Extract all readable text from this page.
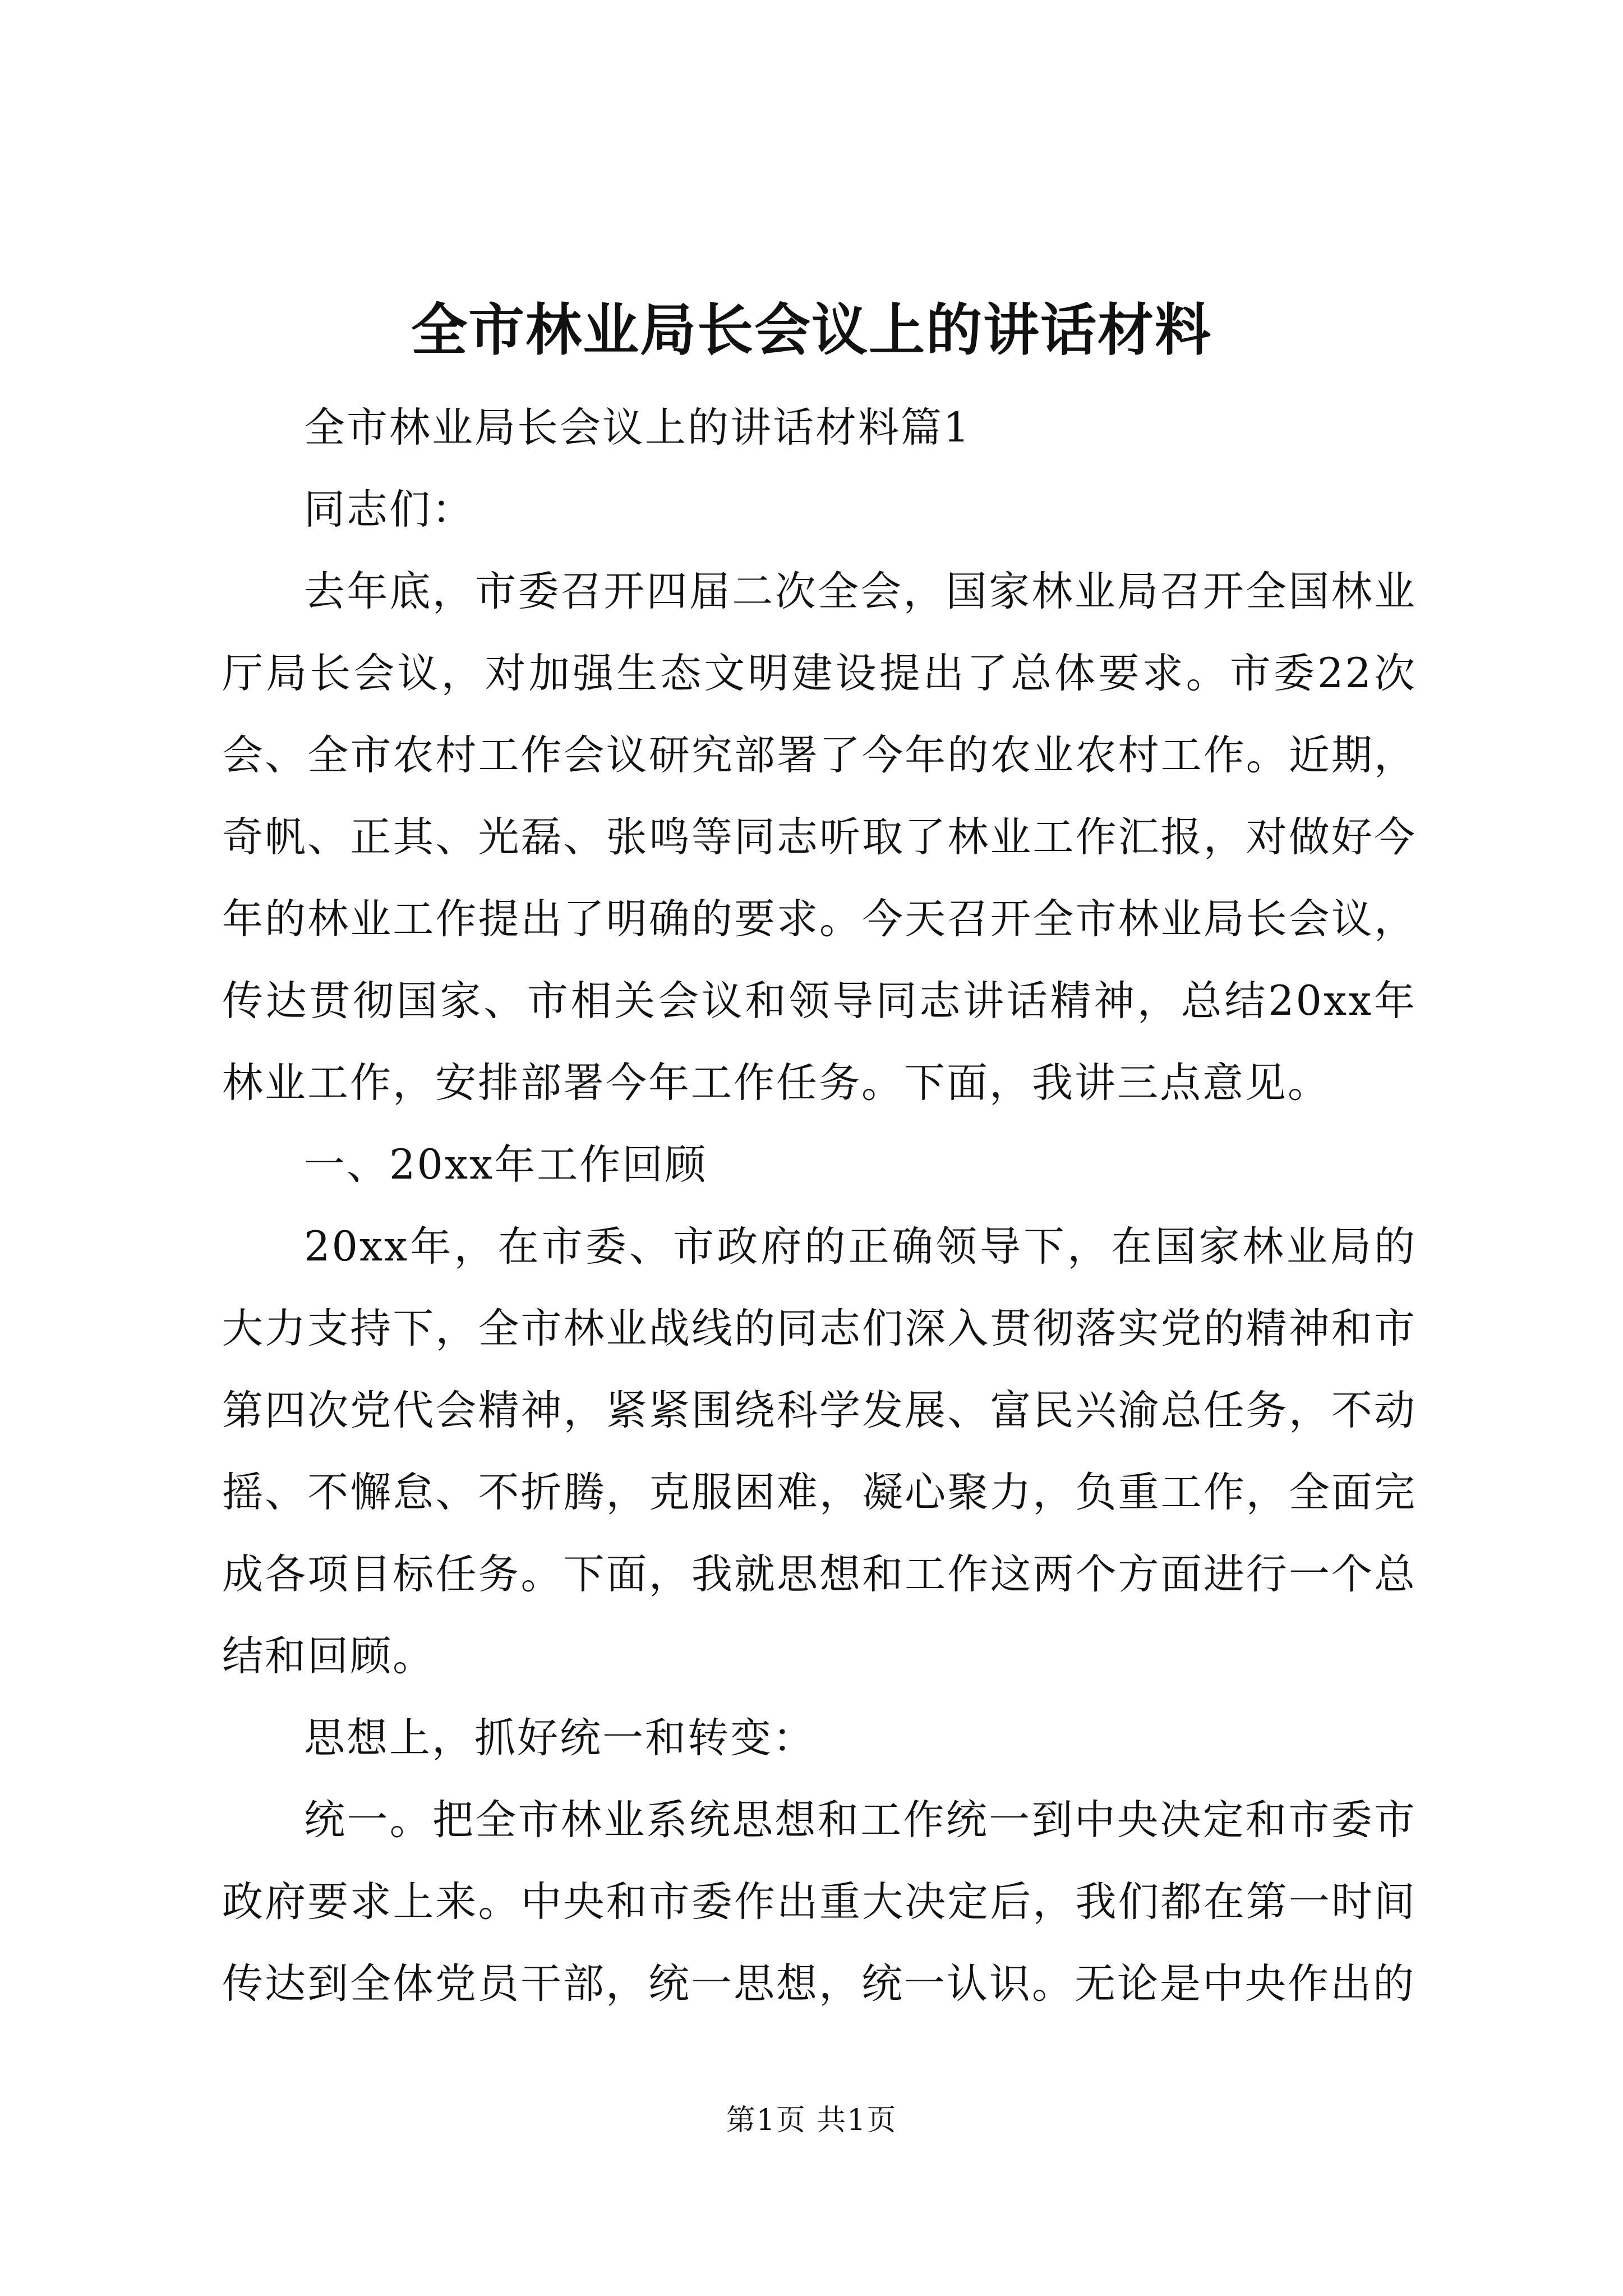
全市林业局长会议上的讲话材料

全市林业局长会议上的讲话材料篇1

同志们：

去年底，市委召开四届二次全会，国家林业局召开全国林业厅局长会议，对加强生态文明建设提出了总体要求。市委22次会、全市农村工作会议研究部署了今年的农业农村工作。近期，奇帆、正其、光磊、张鸣等同志听取了林业工作汇报，对做好今年的林业工作提出了明确的要求。今天召开全市林业局长会议，传达贯彻国家、市相关会议和领导同志讲话精神，总结20xx年林业工作，安排部署今年工作任务。下面，我讲三点意见。

一、20xx年工作回顾

20xx年，在市委、市政府的正确领导下，在国家林业局的大力支持下，全市林业战线的同志们深入贯彻落实党的精神和市第四次党代会精神，紧紧围绕科学发展、富民兴渝总任务，不动摇、不懈怠、不折腾，克服困难，凝心聚力，负重工作，全面完成各项目标任务。下面，我就思想和工作这两个方面进行一个总结和回顾。

思想上，抓好统一和转变：

统一。把全市林业系统思想和工作统一到中央决定和市委市政府要求上来。中央和市委作出重大决定后，我们都在第一时间传达到全体党员干部，统一思想，统一认识。无论是中央作出的

第1页 共1页
